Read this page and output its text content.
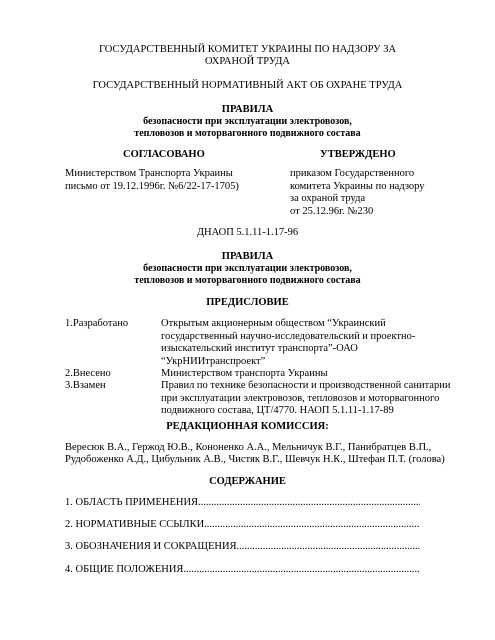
ГОСУДАРСТВЕННЫЙ КОМИТЕТ УКРАИНЫ ПО НАДЗОРУ ЗА
ОХРАНОЙ ТРУДА
ГОСУДАРСТВЕННЫЙ НОРМАТИВНЫЙ АКТ ОБ ОХРАНЕ ТРУДА
ПРАВИЛА
безопасности при эксплуатации электровозов,
тепловозов и моторвагонного подвижного состава
СОГЛАСОВАНО	УТВЕРЖДЕНО
Министерством Транспорта Украины
письмо от 19.12.1996г. №6/22-17-1705)
приказом Государственного
комитета Украины по надзору
за охраной труда
от 25.12.96г. №230
ДНАОП 5.1.11-1.17-96
ПРАВИЛА
безопасности при эксплуатации электровозов,
тепловозов и моторвагонного подвижного состава
ПРЕДИСЛОВИЕ
1.Разработано	Открытым акционерным обществом “Украинский
государственный научно-исследовательский и проектно-
изыскательский институт транспорта”-ОАО
“УкрНИИтранспроект”
2.Внесено	Министерством транспорта Украины
3.Взамен	Правил по технике безопасности и производственной санитарии
при эксплуатации электровозов, тепловозов и моторвагонного
подвижного состава, ЦТ/4770. НАОП 5.1.11-1.17-89
РЕДАКЦИОННАЯ КОМИССИЯ:
Вересюк В.А., Гержод Ю.В., Кононенко А.А., Мельничук В.Г., Панибратцев В.П.,
Рудобоженко А.Д., Цибульник А.В., Чистяк В.Г., Шевчук Н.К., Штефан П.Т. (голова)
СОДЕРЖАНИЕ
1. ОБЛАСТЬ ПРИМЕНЕНИЯ .....
2. НОРМАТИВНЫЕ ССЫЛКИ .....
3. ОБОЗНАЧЕНИЯ И СОКРАЩЕНИЯ .....
4. ОБЩИЕ ПОЛОЖЕНИЯ .....
